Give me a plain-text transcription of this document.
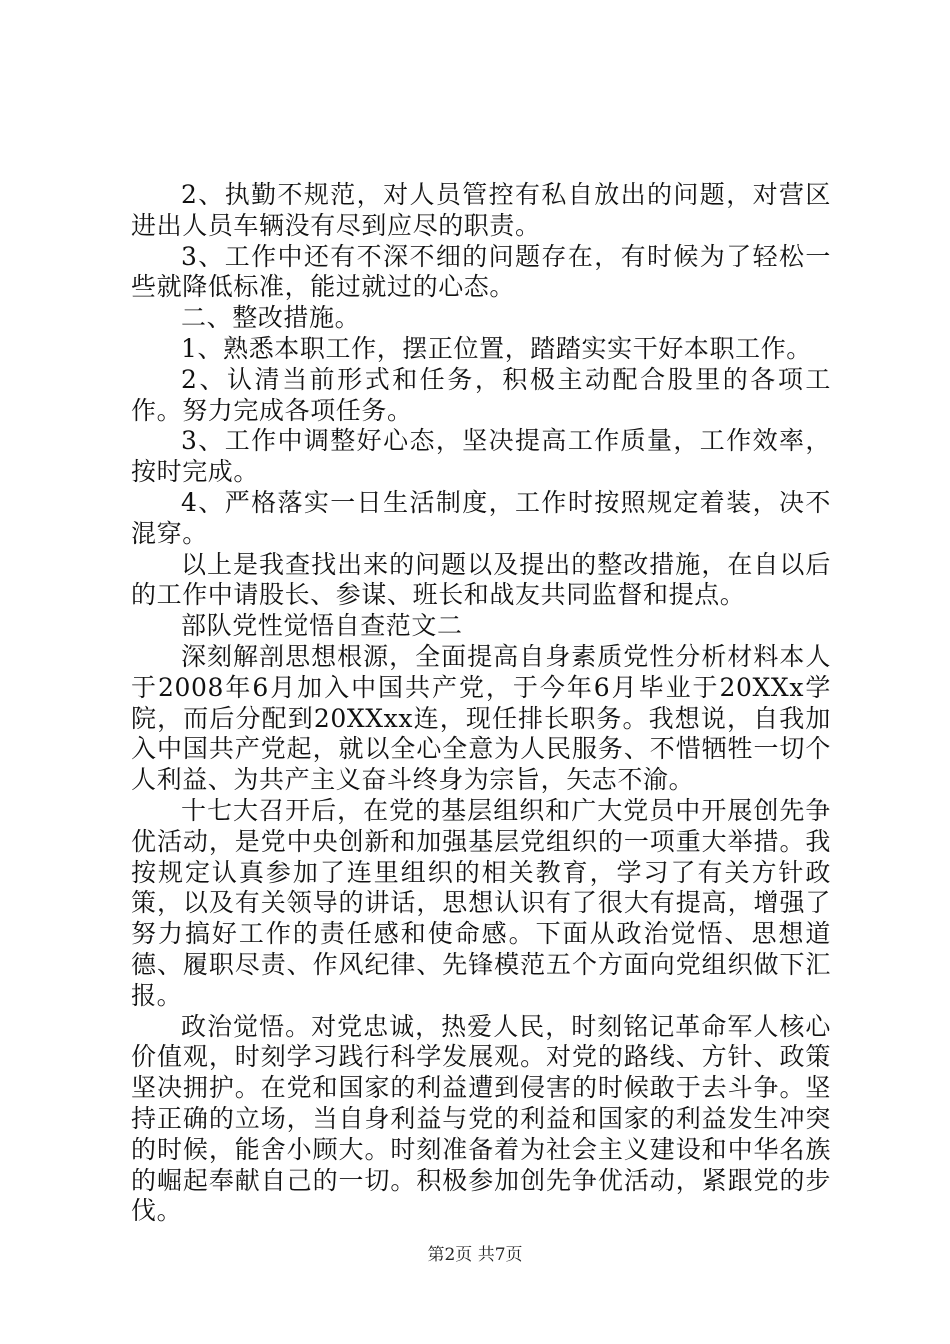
2、执勤不规范，对人员管控有私自放出的问题，对营区进出人员车辆没有尽到应尽的职责。

3、工作中还有不深不细的问题存在，有时候为了轻松一些就降低标准，能过就过的心态。

二、整改措施。

1、熟悉本职工作，摆正位置，踏踏实实干好本职工作。

2、认清当前形式和任务，积极主动配合股里的各项工作。努力完成各项任务。

3、工作中调整好心态，坚决提高工作质量，工作效率，按时完成。

4、严格落实一日生活制度，工作时按照规定着装，决不混穿。

以上是我查找出来的问题以及提出的整改措施，在自以后的工作中请股长、参谋、班长和战友共同监督和提点。

部队党性觉悟自查范文二

深刻解剖思想根源，全面提高自身素质党性分析材料本人于2008年6月加入中国共产党，于今年6月毕业于20XXx学院，而后分配到20XXxx连，现任排长职务。我想说，自我加入中国共产党起，就以全心全意为人民服务、不惜牺牲一切个人利益、为共产主义奋斗终身为宗旨，矢志不渝。

十七大召开后，在党的基层组织和广大党员中开展创先争优活动，是党中央创新和加强基层党组织的一项重大举措。我按规定认真参加了连里组织的相关教育，学习了有关方针政策，以及有关领导的讲话，思想认识有了很大有提高，增强了努力搞好工作的责任感和使命感。下面从政治觉悟、思想道德、履职尽责、作风纪律、先锋模范五个方面向党组织做下汇报。

政治觉悟。对党忠诚，热爱人民，时刻铭记革命军人核心价值观，时刻学习践行科学发展观。对党的路线、方针、政策坚决拥护。在党和国家的利益遭到侵害的时候敢于去斗争。坚持正确的立场，当自身利益与党的利益和国家的利益发生冲突的时候，能舍小顾大。时刻准备着为社会主义建设和中华名族的崛起奉献自己的一切。积极参加创先争优活动，紧跟党的步伐。

第2页 共7页
